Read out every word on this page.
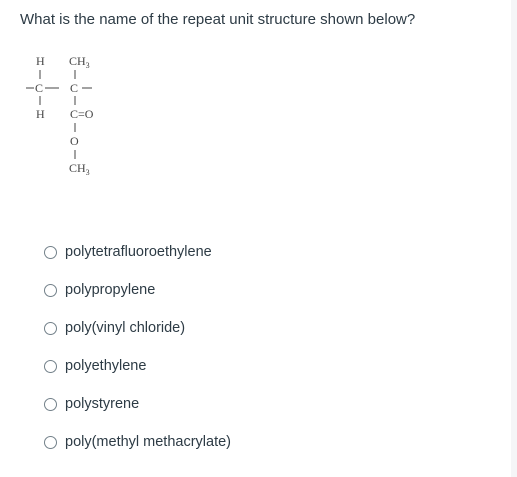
What is the name of the repeat unit structure shown below?
H $CH_3$
C C
H C=O
O
$CH_3$
polytetrafluoroethylene
polypropylene
poly(vinyl chloride)
polyethylene
polystyrene
poly(methyl methacrylate)
